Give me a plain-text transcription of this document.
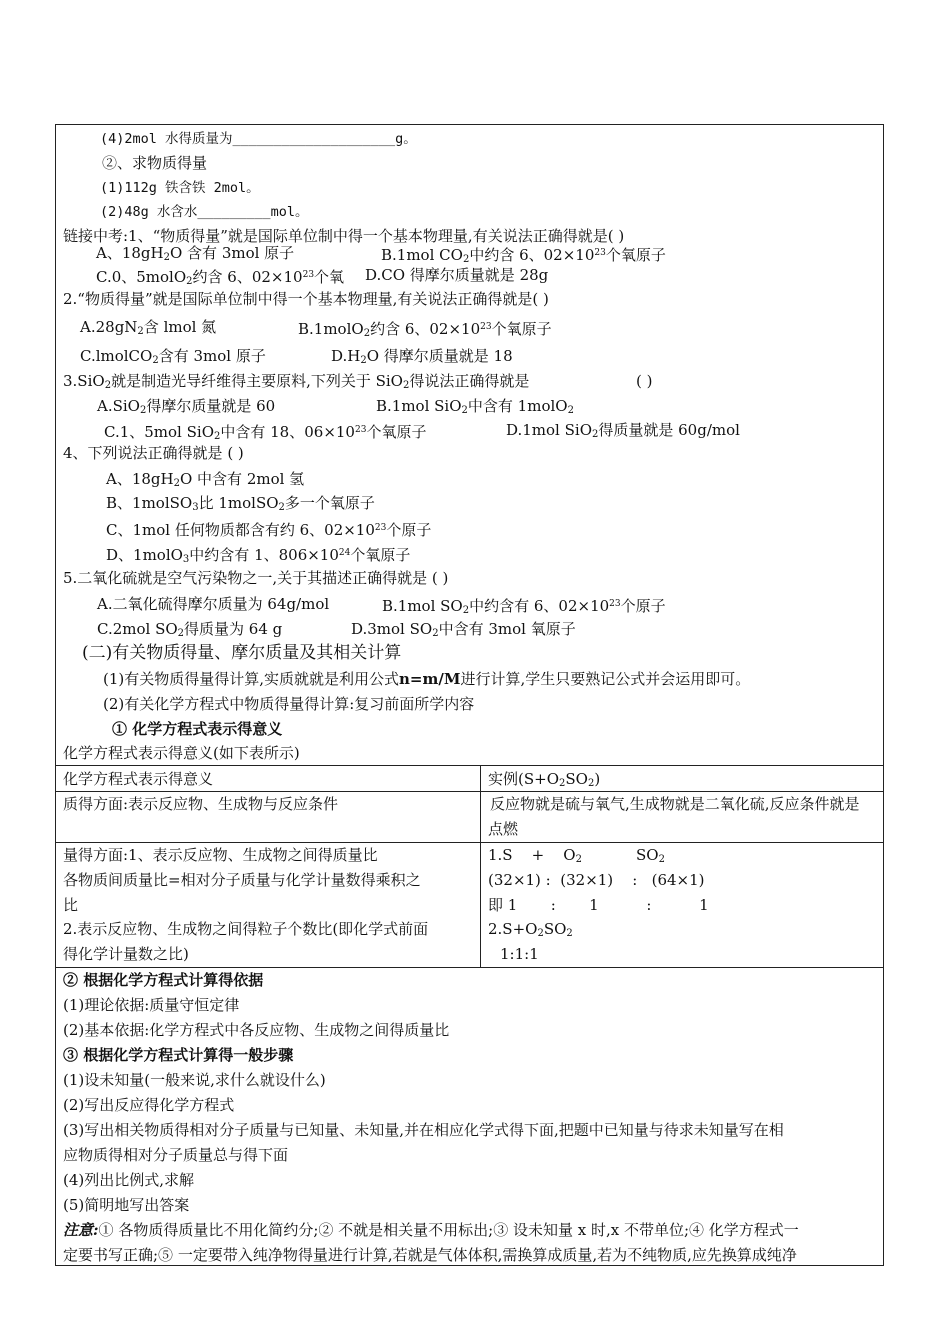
(4)2mol 水得质量为____________________g。
②、求物质得量
(1)112g 铁含铁 2mol。
(2)48g 水含水_________mol。
链接中考:1、“物质得量”就是国际单位制中得一个基本物理量,有关说法正确得就是( )
A、$18gH_2O$ 含有 3mol 原子	B.1mol $CO_2$中约含 6、$02\times 10^{23}$个氧原子
C.0、5molO$_2$约含 6、$02\times 10^{23}$个氧 D.CO 得摩尔质量就是 28g
2.“物质得量”就是国际单位制中得一个基本物理量,有关说法正确得就是( )
$A.28gN_2$含 lmol 氮	B.1molO$_2$约含 6、$02\times 10^{23}$个氧原子
C.lmolCO$_2$含有 3mol 原子	$D.H_2O$ 得摩尔质量就是 18
3.SiO$_2$就是制造光导纤维得主要原料,下列关于 SiO$_2$得说法正确得就是	( )
A.SiO$_2$得摩尔质量就是 60	B.1mol SiO$_2$中含有 1molO$_2$
C.1、5mol SiO$_2$中含有 18、$06\times 10^{23}$个氧原子	D.1mol SiO$_2$得质量就是 60g/mol
4、下列说法正确得就是 ( )
A、$18gH_2O$ 中含有 2mol 氢
B、1molSO$_3$比 1molSO$_2$多一个氧原子
C、1mol 任何物质都含有约 6、$02\times 10^{23}$个原子
D、1molO$_3$中约含有 1、$806\times 10^{24}$个氧原子
5.二氧化硫就是空气污染物之一,关于其描述正确得就是 ( )
A.二氧化硫得摩尔质量为 64g/mol	B.1mol $SO_2$中约含有 6、$02\times 10^{23}$个原子
C.2mol $SO_2$得质量为 64 g	D.3mol $SO_2$中含有 3mol 氧原子
(二)有关物质得量、摩尔质量及其相关计算
(1)有关物质得量得计算,实质就就是利用公式n=m/M进行计算,学生只要熟记公式并会运用即可。
(2)有关化学方程式中物质得量得计算:复习前面所学内容
① 化学方程式表示得意义
化学方程式表示得意义(如下表所示)
化学方程式表示得意义	实例$(S+O_2SO_2)$
质得方面:表示反应物、生成物与反应条件	反应物就是硫与氧气,生成物就是二氧化硫,反应条件就是
点燃
量得方面:1、表示反应物、生成物之间得质量比
各物质间质量比=相对分子质量与化学计量数得乘积之
比
2.表示反应物、生成物之间得粒子个数比(即化学式前面
得化学计量数之比)
1.S    +    $O_2$	$SO_2$
(32×1) :  (32×1)    :   (64×1)
即 1       :       1          :          1
$2.S+O_2SO_2$
1:1:1
② 根据化学方程式计算得依据
(1)理论依据:质量守恒定律
(2)基本依据:化学方程式中各反应物、生成物之间得质量比
③ 根据化学方程式计算得一般步骤
(1)设未知量(一般来说,求什么就设什么)
(2)写出反应得化学方程式
(3)写出相关物质得相对分子质量与已知量、未知量,并在相应化学式得下面,把题中已知量与待求未知量写在相
应物质得相对分子质量总与得下面
(4)列出比例式,求解
(5)简明地写出答案
注意:① 各物质得质量比不用化简约分;② 不就是相关量不用标出;③ 设未知量 x 时,x 不带单位;④ 化学方程式一
定要书写正确;⑤ 一定要带入纯净物得量进行计算,若就是气体体积,需换算成质量,若为不纯物质,应先换算成纯净
